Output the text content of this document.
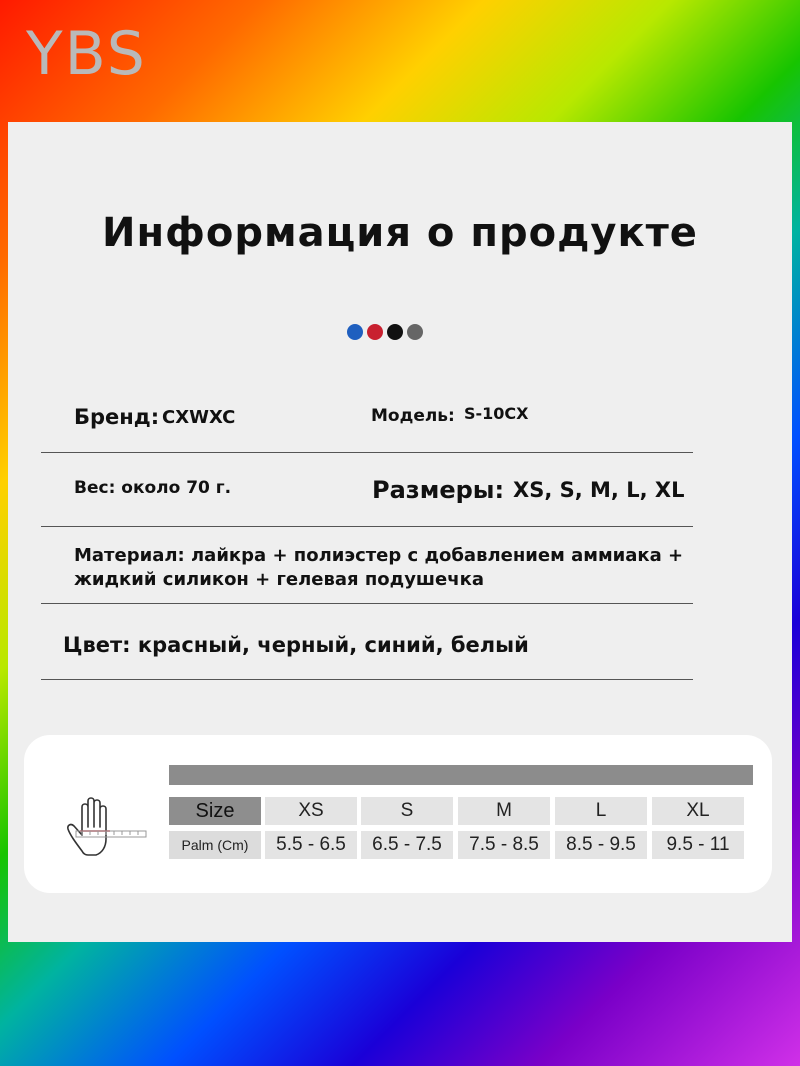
YBS
Информация о продукте
Бренд: CXWXC	Модель: S-10CX
Вес: около 70 г.	Размеры: XS, S, M, L, XL
Материал: лайкра + полиэстер с добавлением аммиака +
жидкий силикон + гелевая подушечка
Цвет: красный, черный, синий, белый
Size	XS	S	M	L	XL
Palm (Cm)	5.5 - 6.5	6.5 - 7.5	7.5 - 8.5	8.5 - 9.5	9.5 - 11
